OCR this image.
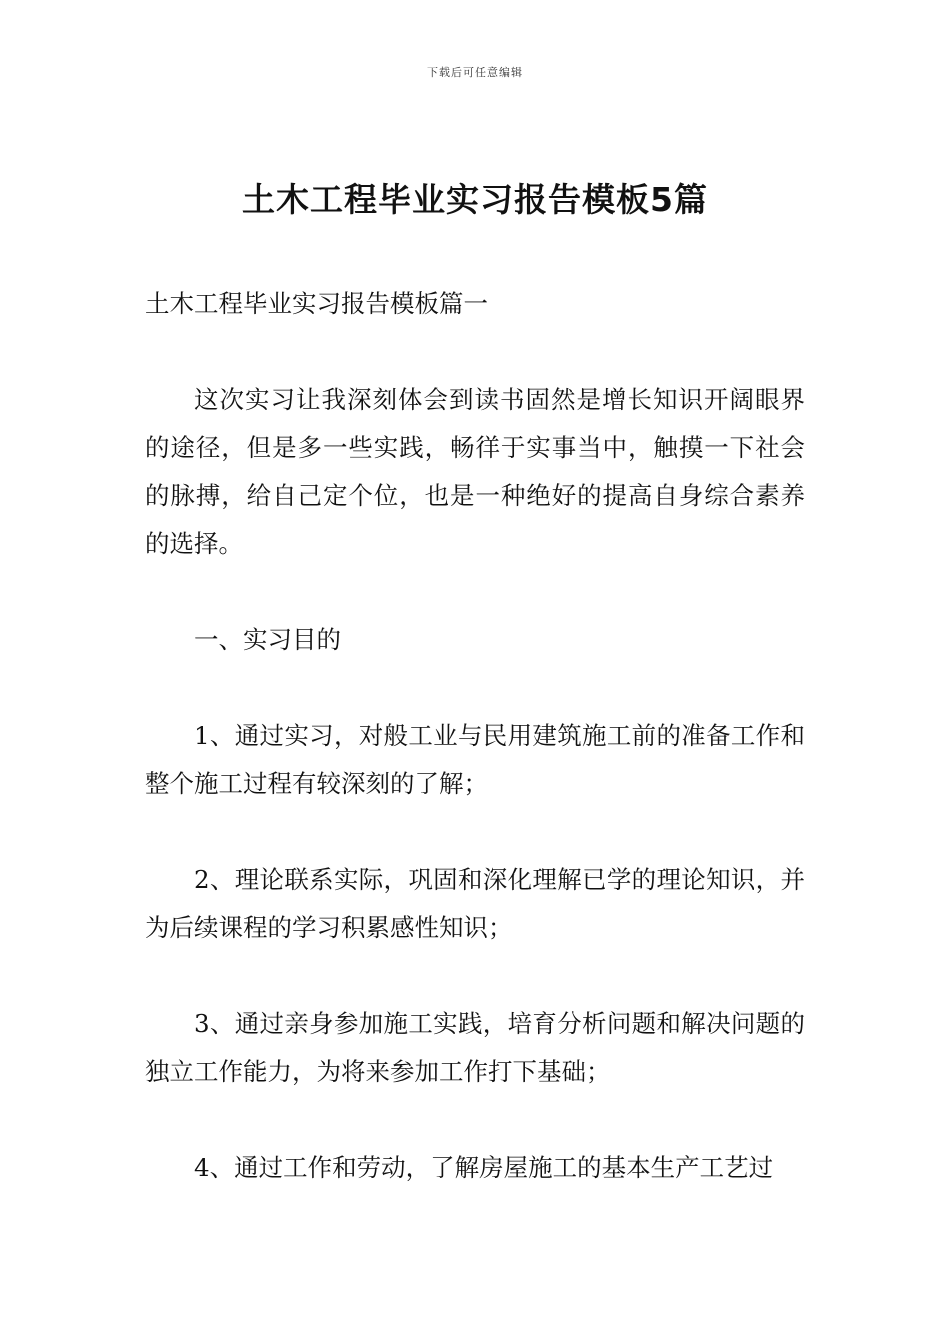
下载后可任意编辑
土木工程毕业实习报告模板5篇

土木工程毕业实习报告模板篇一

这次实习让我深刻体会到读书固然是增长知识开阔眼界的途径，但是多一些实践，畅徉于实事当中，触摸一下社会的脉搏，给自己定个位，也是一种绝好的提高自身综合素养的选择。

一、实习目的

1、通过实习，对般工业与民用建筑施工前的准备工作和整个施工过程有较深刻的了解；

2、理论联系实际，巩固和深化理解已学的理论知识，并为后续课程的学习积累感性知识；

3、通过亲身参加施工实践，培育分析问题和解决问题的独立工作能力，为将来参加工作打下基础；

4、通过工作和劳动，了解房屋施工的基本生产工艺过
